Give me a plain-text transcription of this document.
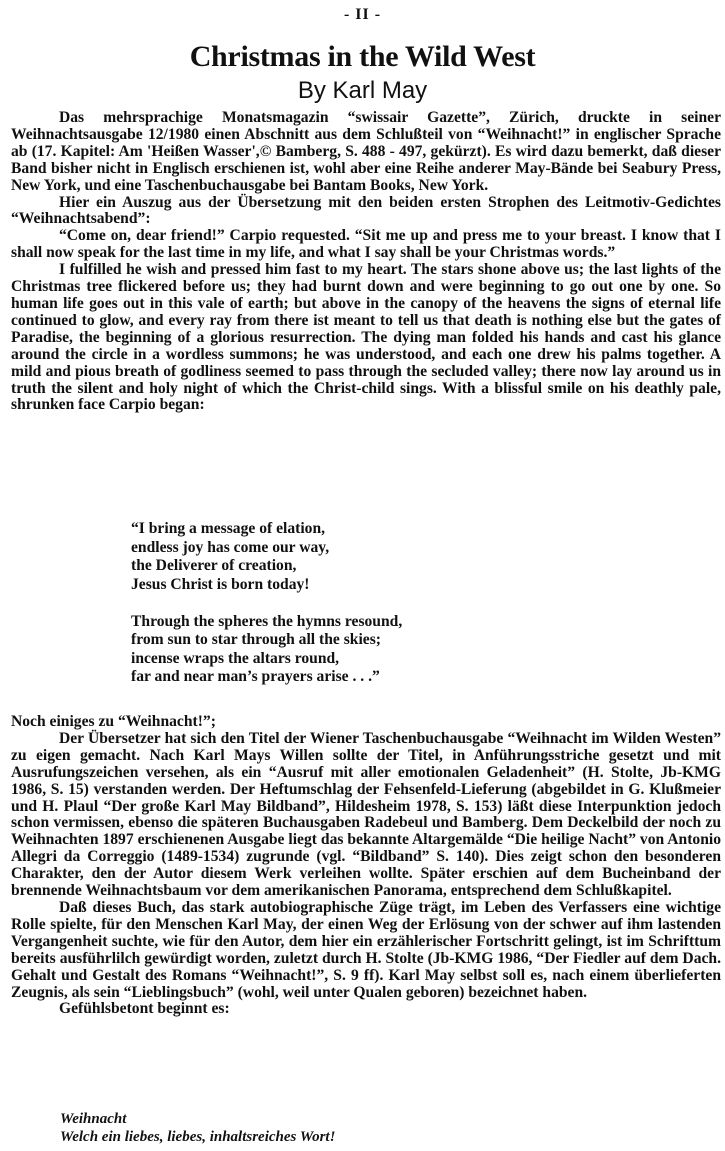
- II -
Christmas in the Wild West
By Karl May

Das mehrsprachige Monatsmagazin “swissair Gazette”, Zürich, druckte in seiner Weihnachtsausgabe 12/1980 einen Abschnitt aus dem Schlußteil von “Weihnacht!” in englischer Sprache ab (17. Kapitel: Am 'Heißen Wasser',© Bamberg, S. 488 - 497, gekürzt). Es wird dazu bemerkt, daß dieser Band bisher nicht in Englisch erschienen ist, wohl aber eine Reihe anderer May-Bände bei Seabury Press, New York, und eine Taschenbuchausgabe bei Bantam Books, New York.

Hier ein Auszug aus der Übersetzung mit den beiden ersten Strophen des Leitmotiv-Gedichtes “Weihnachtsabend”:

“Come on, dear friend!” Carpio requested. “Sit me up and press me to your breast. I know that I shall now speak for the last time in my life, and what I say shall be your Christmas words.”

I fulfilled he wish and pressed him fast to my heart. The stars shone above us; the last lights of the Christmas tree flickered before us; they had burnt down and were beginning to go out one by one. So human life goes out in this vale of earth; but above in the canopy of the heavens the signs of eternal life continued to glow, and every ray from there ist meant to tell us that death is nothing else but the gates of Paradise, the beginning of a glorious resurrection. The dying man folded his hands and cast his glance around the circle in a wordless summons; he was understood, and each one drew his palms together. A mild and pious breath of godliness seemed to pass through the secluded valley; there now lay around us in truth the silent and holy night of which the Christ-child sings. With a blissful smile on his deathly pale, shrunken face Carpio began:

“I bring a message of elation,
endless joy has come our way,
the Deliverer of creation,
Jesus Christ is born today!
Through the spheres the hymns resound,
from sun to star through all the skies;
incense wraps the altars round,
far and near man’s prayers arise . . .”

Noch einiges zu “Weihnacht!”;

Der Übersetzer hat sich den Titel der Wiener Taschenbuchausgabe “Weihnacht im Wilden Westen” zu eigen gemacht. Nach Karl Mays Willen sollte der Titel, in Anführungsstriche gesetzt und mit Ausrufungszeichen versehen, als ein “Ausruf mit aller emotionalen Geladenheit” (H. Stolte, Jb-KMG 1986, S. 15) verstanden werden. Der Heftumschlag der Fehsenfeld-Lieferung (abgebildet in G. Klußmeier und H. Plaul “Der große Karl May Bildband”, Hildesheim 1978, S. 153) läßt diese Interpunktion jedoch schon vermissen, ebenso die späteren Buchausgaben Radebeul und Bamberg. Dem Deckelbild der noch zu Weihnachten 1897 erschienenen Ausgabe liegt das bekannte Altargemälde “Die heilige Nacht” von Antonio Allegri da Correggio (1489-1534) zugrunde (vgl. “Bildband” S. 140). Dies zeigt schon den besonderen Charakter, den der Autor diesem Werk verleihen wollte. Später erschien auf dem Bucheinband der brennende Weihnachtsbaum vor dem amerikanischen Panorama, entsprechend dem Schlußkapitel.

Daß dieses Buch, das stark autobiographische Züge trägt, im Leben des Verfassers eine wichtige Rolle spielte, für den Menschen Karl May, der einen Weg der Erlösung von der schwer auf ihm lastenden Vergangenheit suchte, wie für den Autor, dem hier ein erzählerischer Fortschritt gelingt, ist im Schrifttum bereits ausführlilch gewürdigt worden, zuletzt durch H. Stolte (Jb-KMG 1986, “Der Fiedler auf dem Dach. Gehalt und Gestalt des Romans “Weihnacht!”, S. 9 ff). Karl May selbst soll es, nach einem überlieferten Zeugnis, als sein “Lieblingsbuch” (wohl, weil unter Qualen geboren) bezeichnet haben.

Gefühlsbetont beginnt es:

Weihnacht
Welch ein liebes, liebes, inhaltsreiches Wort!
